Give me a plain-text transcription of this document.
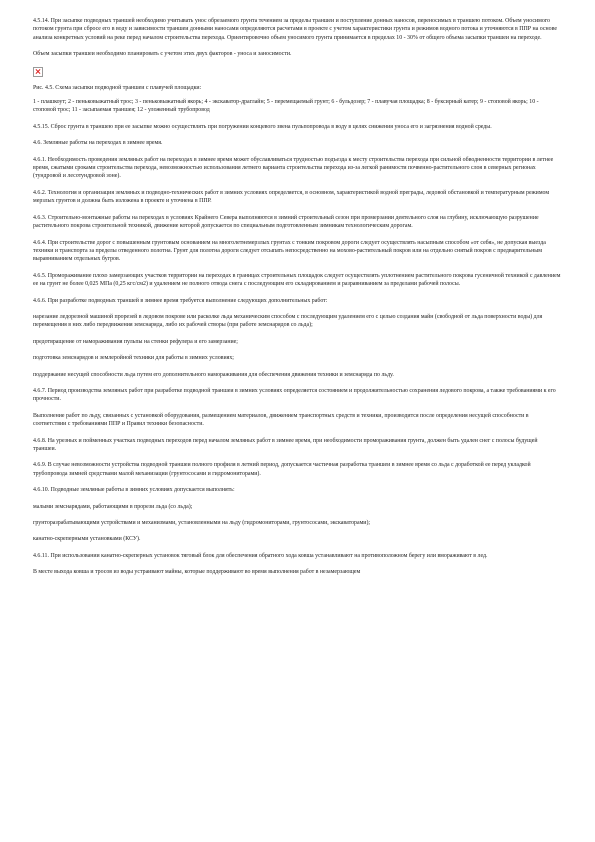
4.5.14. При засыпке подводных траншей необходимо учитывать унос обрезаемого грунта течением за пределы траншеи и поступление донных наносов, переносимых в траншею потоком. Объем уносимого потоком грунта при сбросе его в воду и зависимости траншеи донными наносами определяются расчетами в проекте с учетом характеристики грунта и режимов водного потока и уточняются в ППР на основе анализа конкретных условий на реке перед началом строительства перехода. Ориентировочно объем уносимого грунта принимается в пределах 10 - 30% от общего объема засыпки траншеи на переходе.

Объем засыпки траншеи необходимо планировать с учетом этих двух факторов - уноса и заносимости.

Рис. 4.5. Схема засыпки подводной траншеи с плавучей площадки:

1 - плашкоут; 2 - пеньковыжатный трос; 3 - пеньковыжатный якорь; 4 - экскаватор-драглайн; 5 - перемещаемый грунт; 6 - бульдозер; 7 - плавучая площадка; 8 - буксирный катер; 9 - стоповой якорь; 10 - стоповой трос; 11 - засыпаемая траншея; 12 - уложенный трубопровод

4.5.15. Сброс грунта в траншею при ее засыпке можно осуществлять при погружении концевого звена пульпопровода в воду в целях снижения уноса его и загрязнения водной среды.

4.6. Земляные работы на переходах в зимнее время.

4.6.1. Необходимость проведения земляных работ на переходах в зимнее время может обуславливаться трудностью подъезда к месту строительства перехода при сильной обводненности территории в летнее время, сжатыми сроками строительства перехода, невозможностью использования летнего варианта строительства перехода из-за легкой ранимости почвенно-растительного слоя в северных регионах (тундровой и лесотундровой зоне).

4.6.2. Технология и организация земляных и подводно-технических работ в зимних условиях определяется, в основном, характеристикой водной преграды, ледовой обстановкой и температурным режимом мерзлых грунтов и должна быть изложена в проекте и уточнена в ППР.

4.6.3. Строительно-монтажные работы на переходах в условиях Крайнего Севера выполняются в зимний строительный сезон при промерзании деятельного слоя на глубину, исключающую разрушение растительного покрова строительной техникой, движение которой допускается по специальным подготовленным зимникам технологическим дорогам.

4.6.4. При строительстве дорог с повышенным грунтовым основанием на многолетнемерзлых грунтах с тонким покровом дороги следует осуществлять насыпным способом «от себя», не допуская выезда техники и транспорта за пределы отведенного полотна. Грунт для полотна дороги следует отсыпать непосредственно на мохово-растительный покров или на отдельно снятый покров с предварительным выравниванием отдельных бугров.

4.6.5. Промораживание плохо замерзающих участков территории на переходах в границах строительных площадок следует осуществлять уплотнением растительного покрова гусеничной техникой с давлением ее на грунт не более 0,025 МПа (0,25 кгс/см2) и удалением не полного отвода снега с последующим его складированием и разравниванием за пределами рабочей полосы.

4.6.6. При разработке подводных траншей в зимнее время требуется выполнение следующих дополнительных работ:

нарезание ледорезной машиной прорезей в ледовом покрове или расколке льда механическим способом с последующим удалением его с целью создания майн (свободной от льда поверхности воды) для перемещения в них либо передвижения земснаряда, либо их рабочей створы (при работе земснарядов со льда);

предотвращение от намораживания пульпы на стенки рефулера и его замерзание;

подготовка земснарядов и землеройной техники для работы в зимних условиях;

поддержание несущей способности льда путем его дополнительного намораживания для обеспечения движения техники и земснаряда по льду.

4.6.7. Период производства земляных работ при разработке подводной траншеи в зимних условиях определяется состоянием и продолжительностью сохранения ледового покрова, а также требованиями к его прочности.

Выполнение работ по льду, связанных с установкой оборудования, размещением материалов, движением транспортных средств и техники, производится после определения несущей способности в соответствии с требованиями ППР и Правил техники безопасности.

4.6.8. На урезных и пойменных участках подводных переходов перед началом земляных работ в зимнее время, при необходимости промораживания грунта, должен быть удален снег с полосы будущей траншеи.

4.6.9. В случае невозможности устройства подводной траншеи полного профиля в летний период, допускается частичная разработка траншеи в зимнее время со льда с доработкой ее перед укладкой трубопровода зимней средствами малой механизации (грунтососами и гидромониторами).

4.6.10. Подводные земляные работы в зимних условиях допускается выполнять:

малыми земснарядами, работающими в прорези льда (со льда);

грунторазрабатывающими устройствами и механизмами, установленными на льду (гидромониторами, грунтососами, экскаваторами);

канатно-скреперными установками (КСУ).

4.6.11. При использовании канатно-скреперных установок тяговый блок для обеспечения обратного хода ковша устанавливают на противоположном берегу или вмораживают в лед.

В месте выхода ковша и тросов из воды устраивают майны, которые поддерживают во время выполнения работ в незамерзающем
